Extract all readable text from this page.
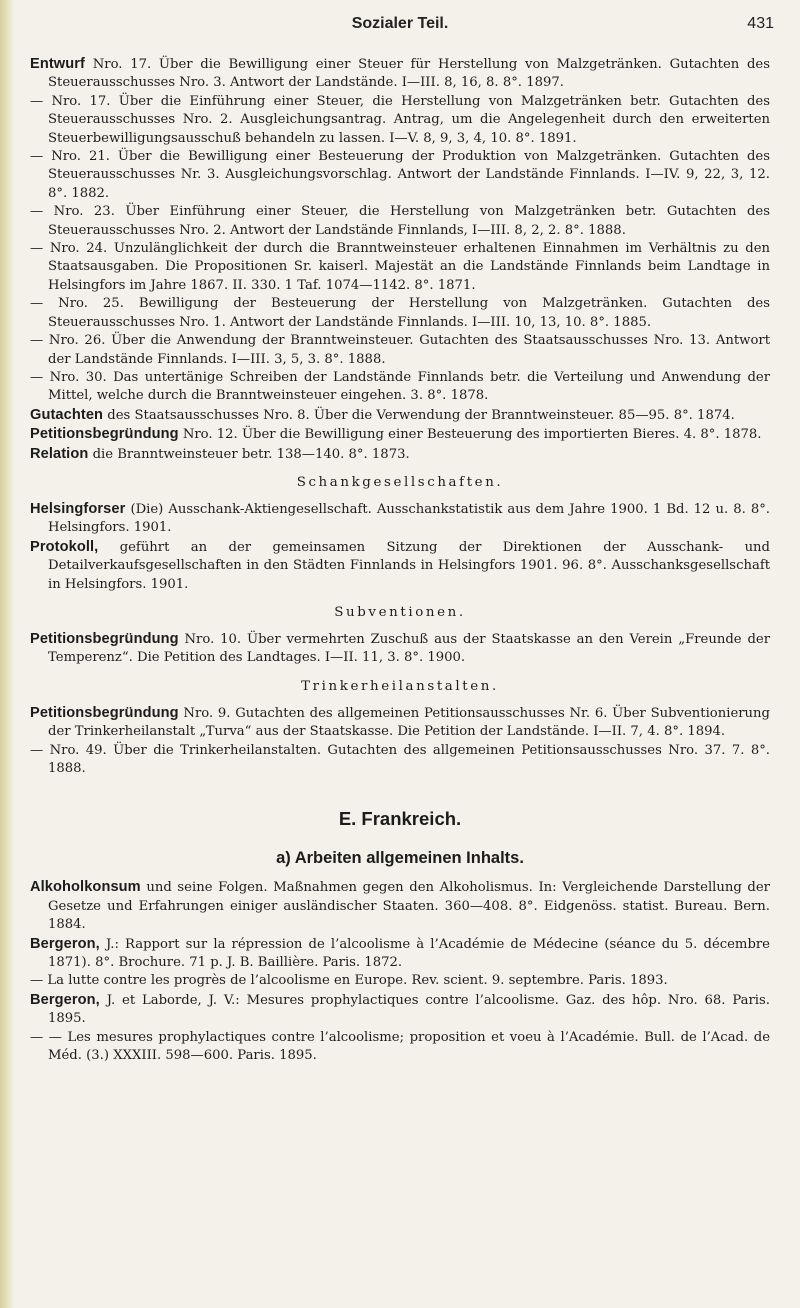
Sozialer Teil.	431

Entwurf Nro. 17. Über die Bewilligung einer Steuer für Herstellung von Malzgetränken. Gutachten des Steuerausschusses Nro. 3. Antwort der Landstände. I—III. 8, 16, 8. 8°. 1897.

— Nro. 17. Über die Einführung einer Steuer, die Herstellung von Malzgetränken betr. Gutachten des Steuerausschusses Nro. 2. Ausgleichungsantrag. Antrag, um die Angelegenheit durch den erweiterten Steuerbewilligungsausschuß behandeln zu lassen. I—V. 8, 9, 3, 4, 10. 8°. 1891.

— Nro. 21. Über die Bewilligung einer Besteuerung der Produktion von Malzgetränken. Gutachten des Steuerausschusses Nr. 3. Ausgleichungsvorschlag. Antwort der Landstände Finnlands. I—IV. 9, 22, 3, 12. 8°. 1882.

— Nro. 23. Über Einführung einer Steuer, die Herstellung von Malzgetränken betr. Gutachten des Steuerausschusses Nro. 2. Antwort der Landstände Finnlands, I—III. 8, 2, 2. 8°. 1888.

— Nro. 24. Unzulänglichkeit der durch die Branntweinsteuer erhaltenen Einnahmen im Verhältnis zu den Staatsausgaben. Die Propositionen Sr. kaiserl. Majestät an die Landstände Finnlands beim Landtage in Helsingfors im Jahre 1867. II. 330. 1 Taf. 1074—1142. 8°. 1871.

— Nro. 25. Bewilligung der Besteuerung der Herstellung von Malzgetränken. Gutachten des Steuerausschusses Nro. 1. Antwort der Landstände Finnlands. I—III. 10, 13, 10. 8°. 1885.

— Nro. 26. Über die Anwendung der Branntweinsteuer. Gutachten des Staatsausschusses Nro. 13. Antwort der Landstände Finnlands. I—III. 3, 5, 3. 8°. 1888.

— Nro. 30. Das untertänige Schreiben der Landstände Finnlands betr. die Verteilung und Anwendung der Mittel, welche durch die Branntweinsteuer eingehen. 3. 8°. 1878.

Gutachten des Staatsausschusses Nro. 8. Über die Verwendung der Branntweinsteuer. 85—95. 8°. 1874.

Petitionsbegründung Nro. 12. Über die Bewilligung einer Besteuerung des importierten Bieres. 4. 8°. 1878.

Relation die Branntweinsteuer betr. 138—140. 8°. 1873.

Schankgesellschaften.

Helsingforser (Die) Ausschank-Aktiengesellschaft. Ausschankstatistik aus dem Jahre 1900. 1 Bd. 12 u. 8. 8°. Helsingfors. 1901.

Protokoll, geführt an der gemeinsamen Sitzung der Direktionen der Ausschank- und Detailverkaufsgesellschaften in den Städten Finnlands in Helsingfors 1901. 96. 8°. Ausschanksgesellschaft in Helsingfors. 1901.

Subventionen.

Petitionsbegründung Nro. 10. Über vermehrten Zuschuß aus der Staatskasse an den Verein „Freunde der Temperenz“. Die Petition des Landtages. I—II. 11, 3. 8°. 1900.

Trinkerheilanstalten.

Petitionsbegründung Nro. 9. Gutachten des allgemeinen Petitionsausschusses Nr. 6. Über Subventionierung der Trinkerheilanstalt „Turva“ aus der Staatskasse. Die Petition der Landstände. I—II. 7, 4. 8°. 1894.

— Nro. 49. Über die Trinkerheilanstalten. Gutachten des allgemeinen Petitionsausschusses Nro. 37. 7. 8°. 1888.

E. Frankreich.
a) Arbeiten allgemeinen Inhalts.

Alkoholkonsum und seine Folgen. Maßnahmen gegen den Alkoholismus. In: Vergleichende Darstellung der Gesetze und Erfahrungen einiger ausländischer Staaten. 360—408. 8°. Eidgenöss. statist. Bureau. Bern. 1884.

Bergeron, J.: Rapport sur la répression de l’alcoolisme à l’Académie de Médecine (séance du 5. décembre 1871). 8°. Brochure. 71 p. J. B. Baillière. Paris. 1872.

— La lutte contre les progrès de l’alcoolisme en Europe. Rev. scient. 9. septembre. Paris. 1893.

Bergeron, J. et Laborde, J. V.: Mesures prophylactiques contre l’alcoolisme. Gaz. des hôp. Nro. 68. Paris. 1895.

— — Les mesures prophylactiques contre l’alcoolisme; proposition et voeu à l’Académie. Bull. de l’Acad. de Méd. (3.) XXXIII. 598—600. Paris. 1895.
